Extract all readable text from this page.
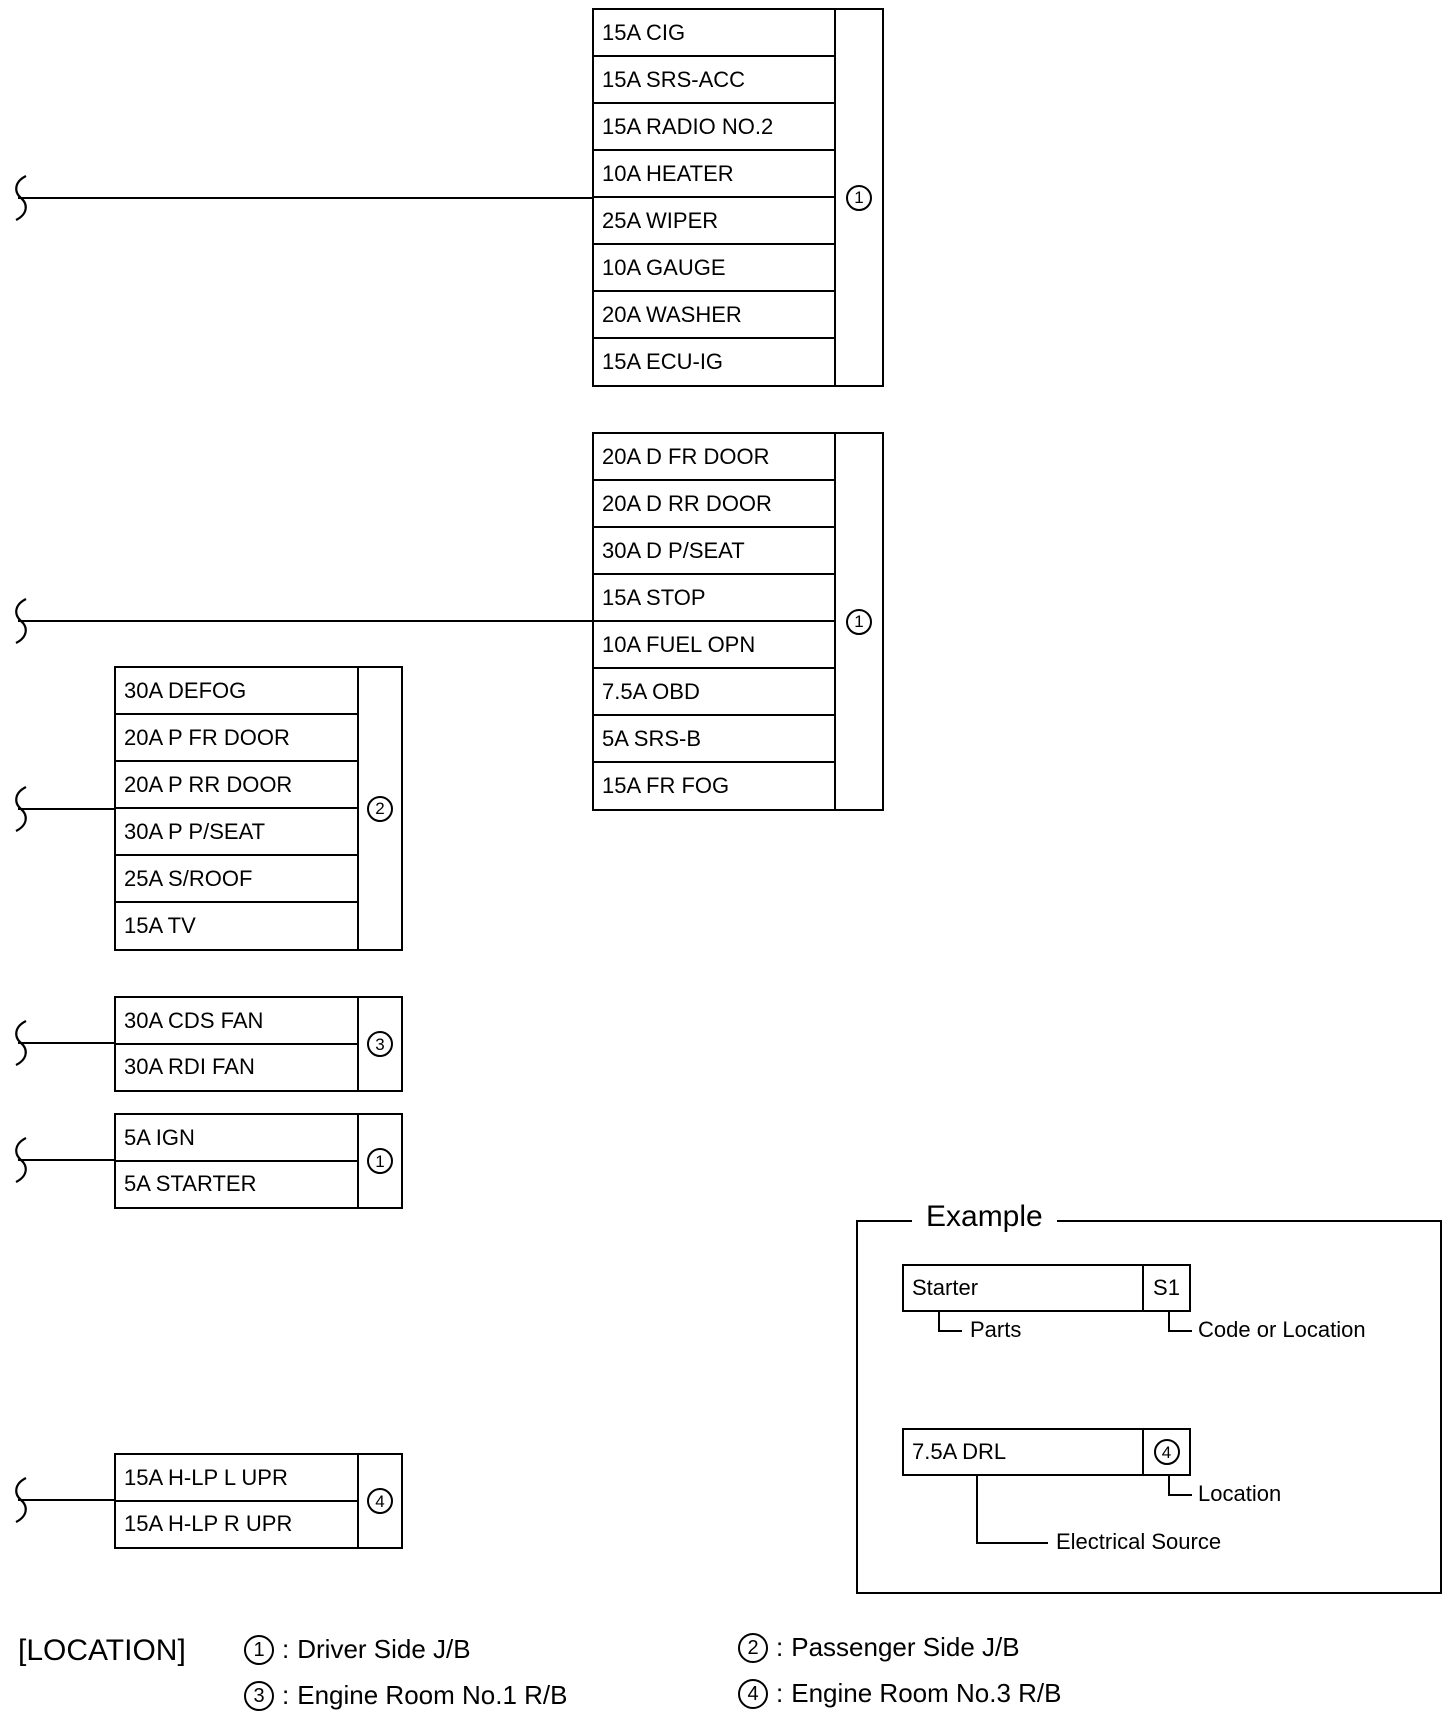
15A CIG
15A SRS-ACC
15A RADIO NO.2
10A HEATER
25A WIPER
10A GAUGE
20A WASHER
15A ECU-IG
1
20A D FR DOOR
20A D RR DOOR
30A D P/SEAT
15A STOP
10A FUEL OPN
7.5A OBD
5A SRS-B
15A FR FOG
1
30A DEFOG
20A P FR DOOR
20A P RR DOOR
30A P P/SEAT
25A S/ROOF
15A TV
2
30A CDS FAN
30A RDI FAN
3
5A IGN
5A STARTER
1
15A H-LP L UPR
15A H-LP R UPR
4
Example
Starter	S1
Parts	Code or Location
7.5A DRL	4
Location
Electrical Source
[LOCATION]	1 : Driver Side J/B	2 : Passenger Side J/B
3 : Engine Room No.1 R/B	4 : Engine Room No.3 R/B
